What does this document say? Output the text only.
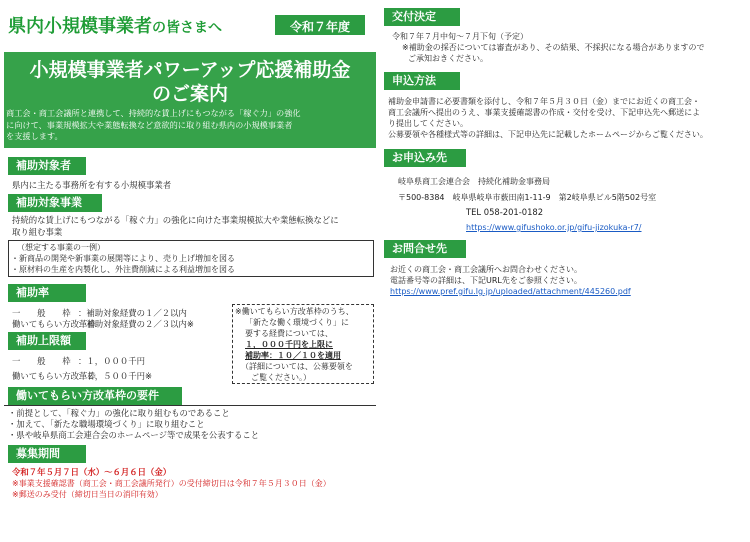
県内小規模事業者の皆さまへ	令和７年度
小規模事業者パワーアップ応援補助金
のご案内
商工会・商工会議所と連携して、持続的な賃上げにもつながる「稼ぐ力」の強化
に向けて、事業規模拡大や業態転換など意欲的に取り組む県内の小規模事業者
を支援します。
補助対象者
県内に主たる事務所を有する小規模事業者
補助対象事業
持続的な賃上げにもつながる「稼ぐ力」の強化に向けた事業規模拡大や業態転換などに
取り組む事業
（想定する事業の一例）
・新商品の開発や新事業の展開等により、売り上げ増加を図る
・原材料の生産を内製化し、外注費削減による利益増加を図る
補助率
一　　般　　枠 ：補助対象経費の１／２以内
働いてもらい方改革枠
：補助対象経費の２／３以内※
補助上限額
一　　般　　枠 ：１，０００千円
働いてもらい方改革枠
：２，５００千円※
※働いてもらい方改革枠のうち、
「新たな働く環境づくり」に
要する経費については、
１，０００千円を上限に
補助率：１０／１０を適用
（詳細については、公募要領を
ご覧ください。）
働いてもらい方改革枠の要件
・前提として、「稼ぐ力」の強化に取り組むものであること
・加えて、「新たな職場環境づくり」に取り組むこと
・県や岐阜県商工会連合会のホームページ等で成果を公表すること
募集期間
令和７年５月７日（水）～６月６日（金）
※事業支援確認書（商工会・商工会議所発行）の受付締切日は令和７年５月３０日（金）
※郵送のみ受付（締切日当日の消印有効）
交付決定
令和７年７月中旬～７月下旬（予定）
※補助金の採否については審査があり、その結果、不採択になる場合がありますので
ご承知おきください。
申込方法
補助金申請書に必要書類を添付し、令和７年５月３０日（金）までにお近くの商工会・
商工会議所へ提出のうえ、事業支援確認書の作成・交付を受け、下記申込先へ郵送によ
り提出してください。
公募要領や各種様式等の詳細は、下記申込先に記載したホームページからご覧ください。
お申込み先
岐阜県商工会連合会　持続化補助金事務局
〒500-8384　岐阜県岐阜市薮田南1-11-9　第2岐阜県ビル5階502号室
TEL 058-201-0182
https://www.gifushoko.or.jp/gifu-jizokuka-r7/
お問合せ先
お近くの商工会・商工会議所へお問合わせください。
電話番号等の詳細は、下記URL先をご参照ください。
https://www.pref.gifu.lg.jp/uploaded/attachment/445260.pdf
